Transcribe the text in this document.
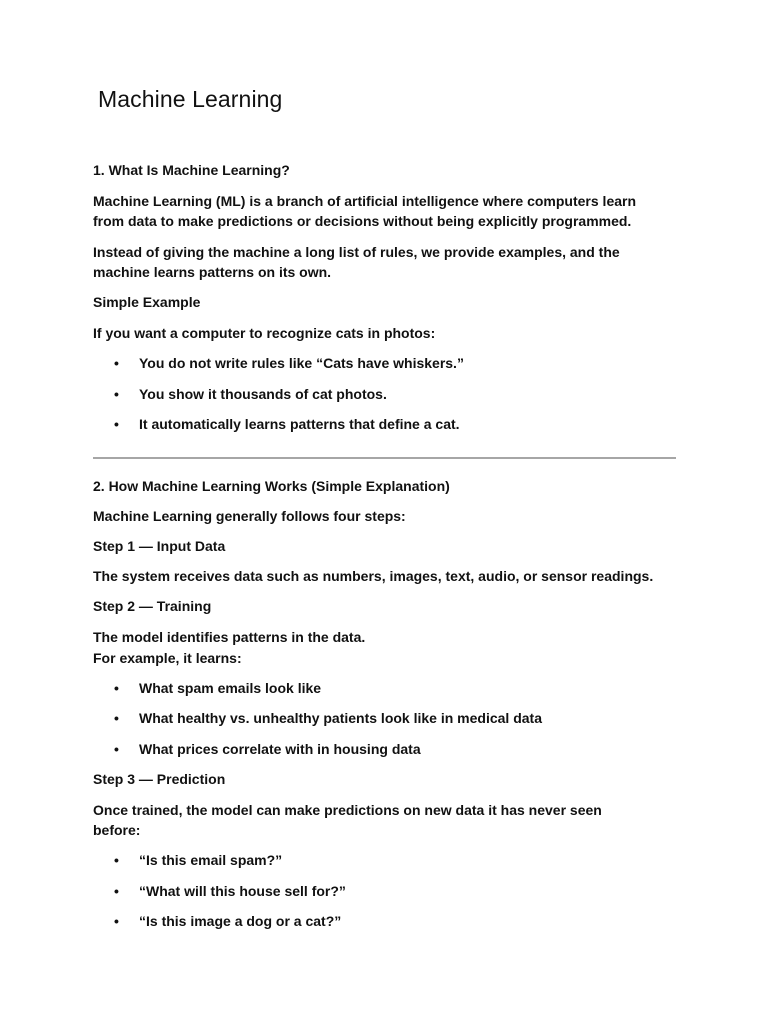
Machine Learning
1. What Is Machine Learning?
Machine Learning (ML) is a branch of artificial intelligence where computers learn
from data to make predictions or decisions without being explicitly programmed.
Instead of giving the machine a long list of rules, we provide examples, and the
machine learns patterns on its own.
Simple Example
If you want a computer to recognize cats in photos:
• You do not write rules like “Cats have whiskers.”
• You show it thousands of cat photos.
• It automatically learns patterns that define a cat.
2. How Machine Learning Works (Simple Explanation)
Machine Learning generally follows four steps:
Step 1 — Input Data
The system receives data such as numbers, images, text, audio, or sensor readings.
Step 2 — Training
The model identifies patterns in the data.
For example, it learns:
• What spam emails look like
• What healthy vs. unhealthy patients look like in medical data
• What prices correlate with in housing data
Step 3 — Prediction
Once trained, the model can make predictions on new data it has never seen
before:
• “Is this email spam?”
• “What will this house sell for?”
• “Is this image a dog or a cat?”
